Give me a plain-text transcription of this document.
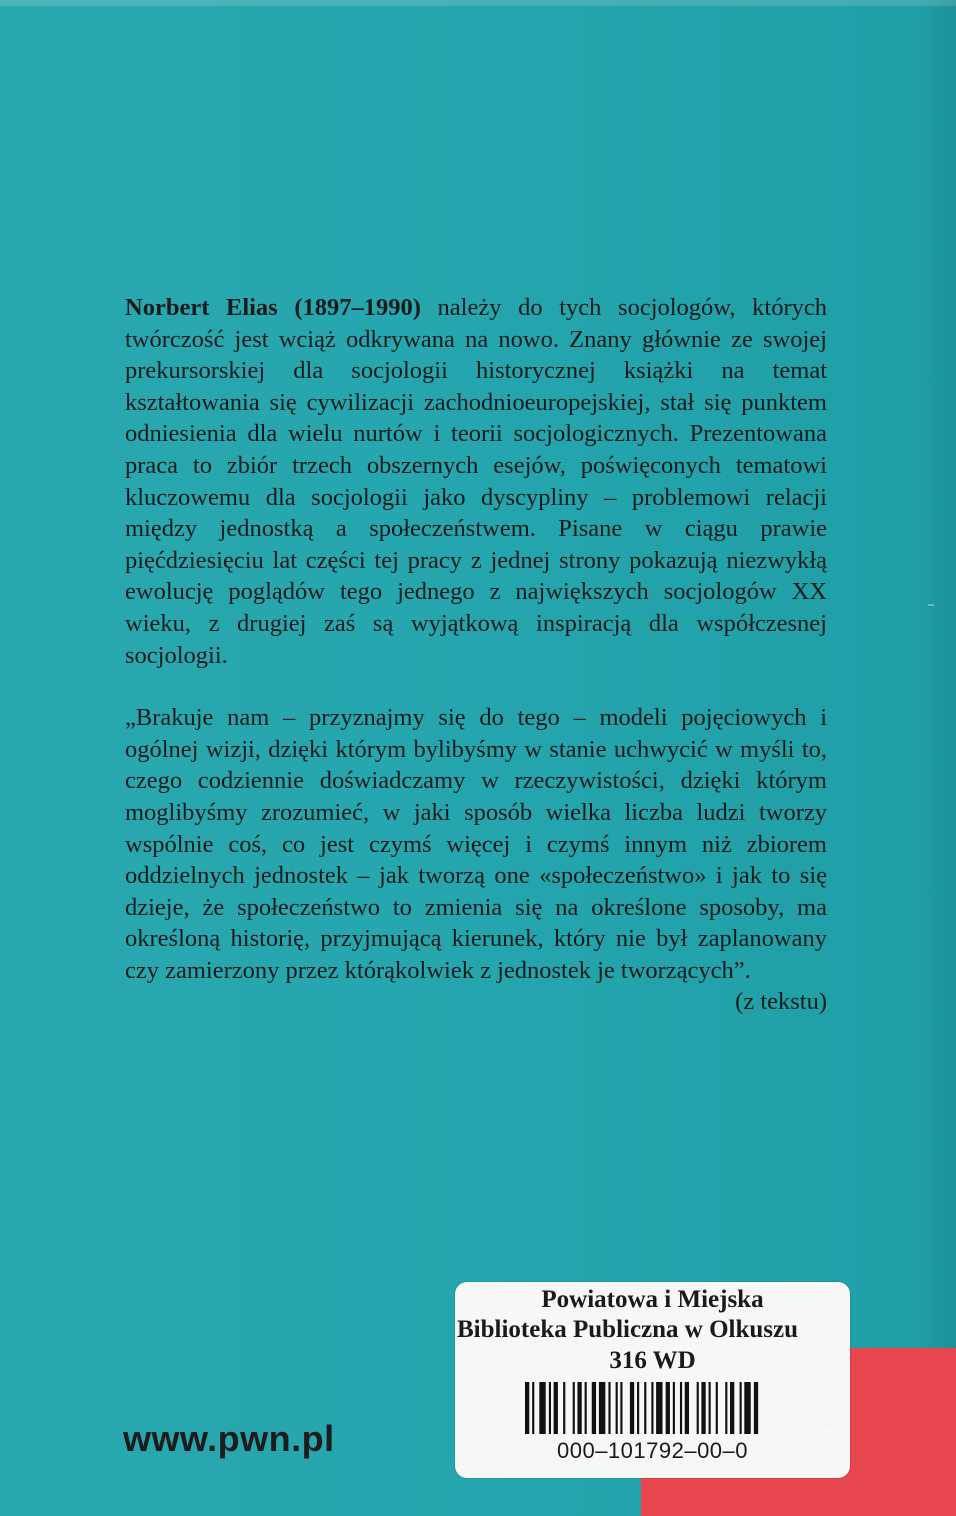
Norbert Elias (1897–1990) należy do tych socjologów, których twórczość jest wciąż odkrywana na nowo. Znany głównie ze swojej prekursorskiej dla socjologii historycznej książki na temat kształtowania się cywilizacji zachodnioeuropejskiej, stał się punktem odniesienia dla wielu nurtów i teorii socjologicznych. Prezentowana praca to zbiór trzech obszernych esejów, poświęconych tematowi kluczowemu dla socjologii jako dyscypliny – problemowi relacji między jednostką a społeczeństwem. Pisane w ciągu prawie pięćdziesięciu lat części tej pracy z jednej strony pokazują niezwykłą ewolucję poglądów tego jednego z największych socjologów XX wieku, z drugiej zaś są wyjątkową inspiracją dla współczesnej socjologii.

„Brakuje nam – przyznajmy się do tego – modeli pojęciowych i ogólnej wizji, dzięki którym bylibyśmy w stanie uchwycić w myśli to, czego codziennie doświadczamy w rzeczywistości, dzięki którym moglibyśmy zrozumieć, w jaki sposób wielka liczba ludzi tworzy wspólnie coś, co jest czymś więcej i czymś innym niż zbiorem oddzielnych jednostek – jak tworzą one «społeczeństwo» i jak to się dzieje, że społeczeństwo to zmienia się na określone sposoby, ma określoną historię, przyjmującą kierunek, który nie był zaplanowany czy zamierzony przez którąkolwiek z jednostek je tworzących”.

(z tekstu)

www.pwn.pl
Powiatowa i Miejska
Biblioteka Publiczna w Olkuszu
316 WD
000–101792–00–0
